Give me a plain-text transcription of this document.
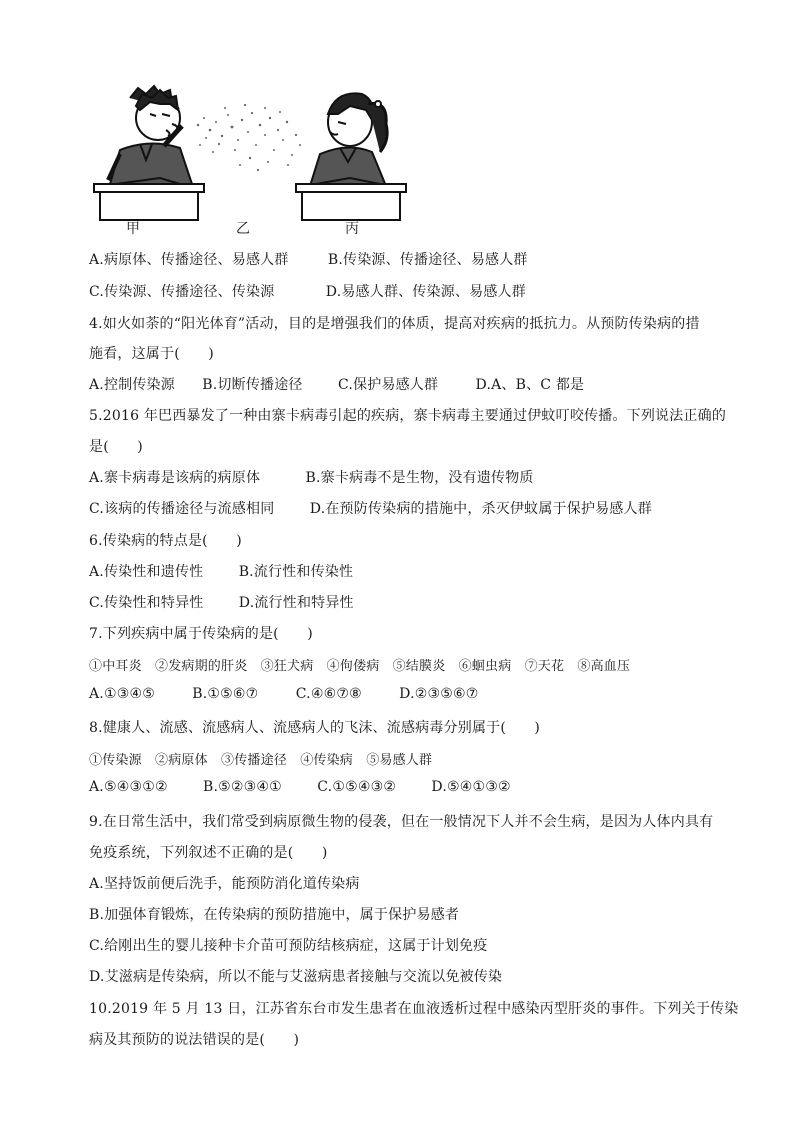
甲	乙	丙
A.病原体、传播途径、易感人群	B.传染源、传播途径、易感人群
C.传染源、传播途径、传染源	D.易感人群、传染源、易感人群
4.如火如荼的“阳光体育”活动，目的是增强我们的体质，提高对疾病的抵抗力。从预防传染病的措
施看，这属于(　　)
A.控制传染源 B.切断传播途径	C.保护易感人群	D.A、B、C 都是
5.2016 年巴西暴发了一种由寨卡病毒引起的疾病，寨卡病毒主要通过伊蚊叮咬传播。下列说法正确的
是(　　)
A.寨卡病毒是该病的病原体	B.寨卡病毒不是生物，没有遗传物质
C.该病的传播途径与流感相同	D.在预防传染病的措施中，杀灭伊蚊属于保护易感人群
6.传染病的特点是(　　)
A.传染性和遗传性	B.流行性和传染性
C.传染性和特异性	D.流行性和特异性
7.下列疾病中属于传染病的是(　　)
①中耳炎　②发病期的肝炎　③狂犬病　④佝偻病　⑤结膜炎　⑥蛔虫病　⑦天花　⑧高血压
A.①③④⑤	B.①⑤⑥⑦	C.④⑥⑦⑧	D.②③⑤⑥⑦
8.健康人、流感、流感病人、流感病人的飞沫、流感病毒分别属于(　　)
①传染源　②病原体　③传播途径　④传染病　⑤易感人群
A.⑤④③①②	B.⑤②③④①	C.①⑤④③②	D.⑤④①③②
9.在日常生活中，我们常受到病原微生物的侵袭，但在一般情况下人并不会生病，是因为人体内具有
免疫系统，下列叙述不正确的是(　　)
A.坚持饭前便后洗手，能预防消化道传染病
B.加强体育锻炼，在传染病的预防措施中，属于保护易感者
C.给刚出生的婴儿接种卡介苗可预防结核病症，这属于计划免疫
D.艾滋病是传染病，所以不能与艾滋病患者接触与交流以免被传染
10.2019 年 5 月 13 日，江苏省东台市发生患者在血液透析过程中感染丙型肝炎的事件。下列关于传染
病及其预防的说法错误的是(　　)
